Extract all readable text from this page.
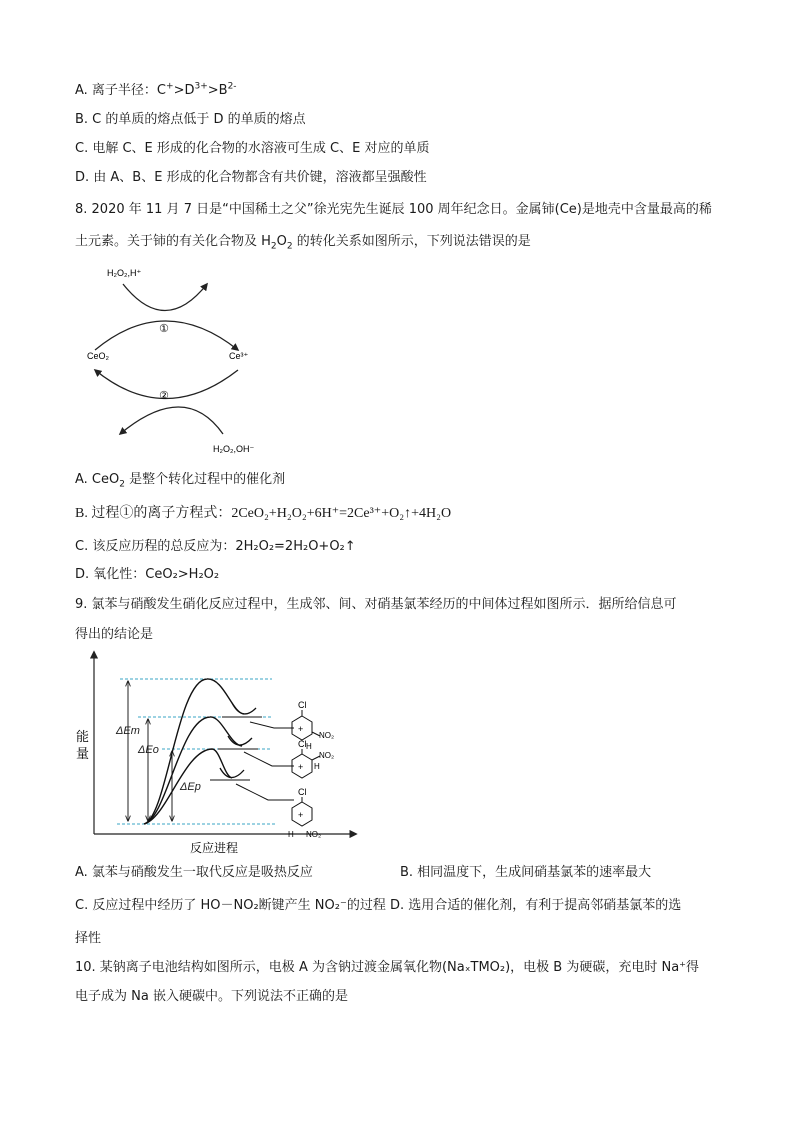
A. 离子半径：$C^+>D^{3+}>B^{2-}$
B. C 的单质的熔点低于 D 的单质的熔点
C. 电解 C、E 形成的化合物的水溶液可生成 C、E 对应的单质
D. 由 A、B、E 形成的化合物都含有共价键，溶液都呈强酸性
8. 2020 年 11 月 7 日是“中国稀土之父”徐光宪先生诞辰 100 周年纪念日。金属铈(Ce)是地壳中含量最高的稀
土元素。关于铈的有关化合物及 $H_2O_2$ 的转化关系如图所示，下列说法错误的是
H₂O₂,H⁺
①
CeO₂	Ce³⁺
②
H₂O₂,OH⁻
A. CeO$_2$ 是整个转化过程中的催化剂
B. 过程①的离子方程式：2CeO₂+H₂O₂+6H⁺=2Ce³⁺+O₂↑+4H₂O
C. 该反应历程的总反应为：2H₂O₂=2H₂O+O₂↑
D. 氧化性：CeO₂>H₂O₂
9. 氯苯与硝酸发生硝化反应过程中，生成邻、间、对硝基氯苯经历的中间体过程如图所示．据所给信息可
得出的结论是
能
量
反应进程
ΔEm
ΔEo
ΔEp
Cl
+
NO₂
H
Cl
+
NO₂
H
Cl
+
H NO₂
A. 氯苯与硝酸发生一取代反应是吸热反应	B. 相同温度下，生成间硝基氯苯的速率最大
C. 反应过程中经历了 HO－NO₂断键产生 NO₂⁻的过程 D. 选用合适的催化剂，有利于提高邻硝基氯苯的选
择性
10. 某钠离子电池结构如图所示，电极 A 为含钠过渡金属氧化物(NaₓTMO₂)，电极 B 为硬碳，充电时 Na⁺得
电子成为 Na 嵌入硬碳中。下列说法不正确的是
